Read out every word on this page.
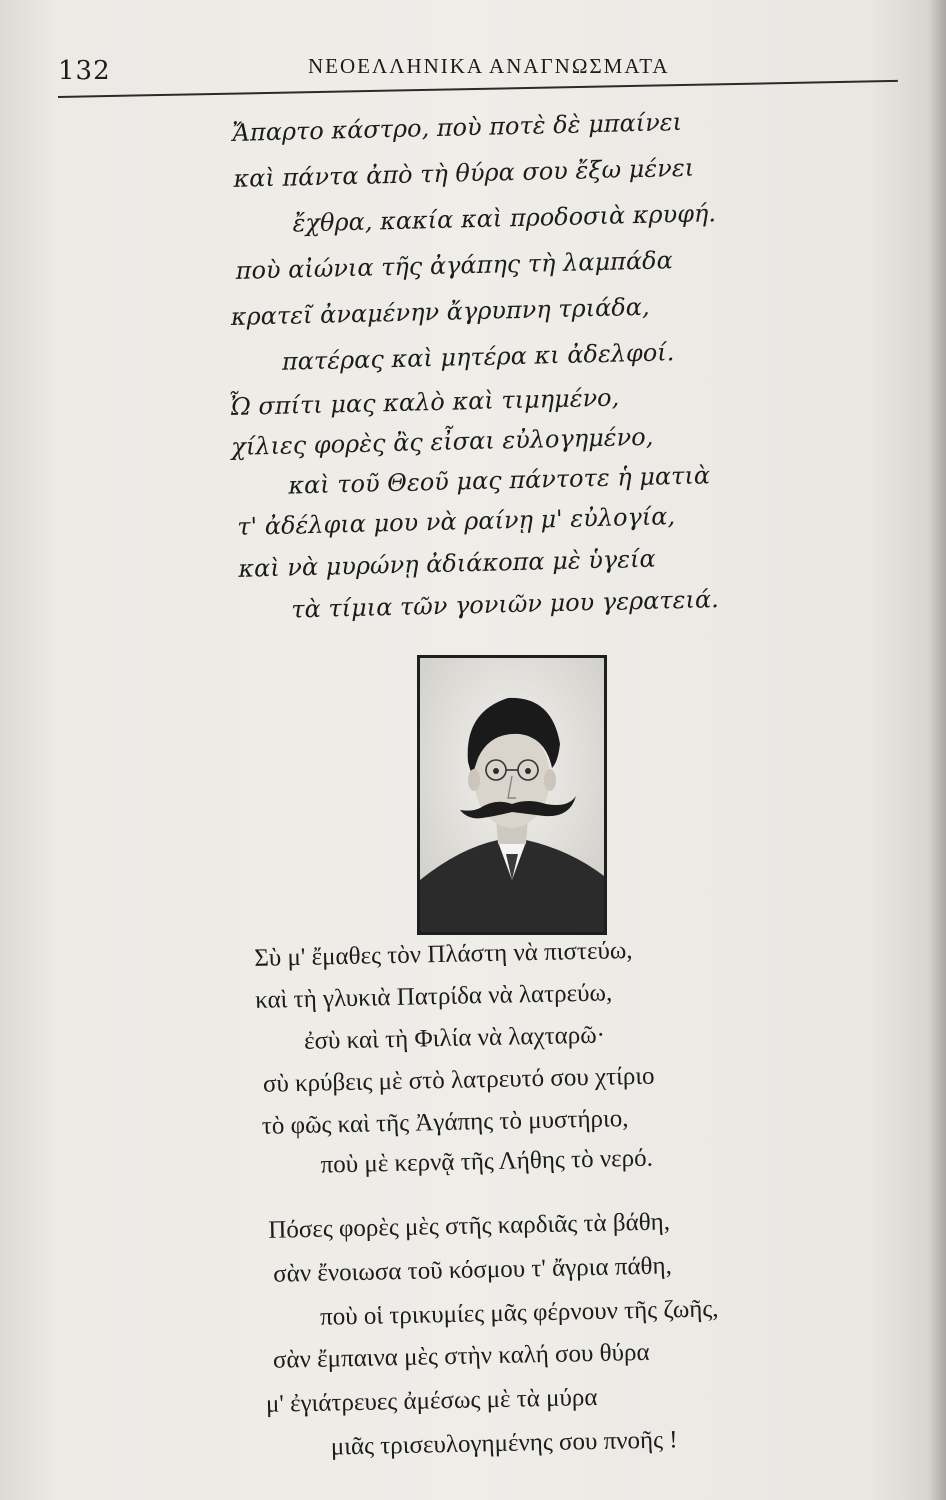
132	ΝΕΟΕΛΛΗΝΙΚΑ ΑΝΑΓΝΩΣΜΑΤΑ
Ἄπαρτο κάστρο, ποὺ ποτὲ δὲ μπαίνει
καὶ πάντα ἀπὸ τὴ θύρα σου ἔξω μένει
ἔχθρα, κακία καὶ προδοσιὰ κρυφή.
ποὺ αἰώνια τῆς ἀγάπης τὴ λαμπάδα
κρατεῖ ἀναμένην ἄγρυπνη τριάδα,
πατέρας καὶ μητέρα κι ἀδελφοί.
Ὦ σπίτι μας καλὸ καὶ τιμημένο,
χίλιες φορὲς ἂς εἶσαι εὐλογημένο,
καὶ τοῦ Θεοῦ μας πάντοτε ἡ ματιὰ
τ' ἀδέλφια μου νὰ ραίνῃ μ' εὐλογία,
καὶ νὰ μυρώνῃ ἀδιάκοπα μὲ ὑγεία
τὰ τίμια τῶν γονιῶν μου γερατειά.
Σὺ μ' ἔμαθες τὸν Πλάστη νὰ πιστεύω,
καὶ τὴ γλυκιὰ Πατρίδα νὰ λατρεύω,
ἐσὺ καὶ τὴ Φιλία νὰ λαχταρῶ·
σὺ κρύβεις μὲ στὸ λατρευτό σου χτίριο
τὸ φῶς καὶ τῆς Ἀγάπης τὸ μυστήριο,
ποὺ μὲ κερνᾷ τῆς Λήθης τὸ νερό.
Πόσες φορὲς μὲς στῆς καρδιᾶς τὰ βάθη,
σὰν ἔνοιωσα τοῦ κόσμου τ' ἄγρια πάθη,
ποὺ οἱ τρικυμίες μᾶς φέρνουν τῆς ζωῆς,
σὰν ἔμπαινα μὲς στὴν καλή σου θύρα
μ' ἐγιάτρευες ἀμέσως μὲ τὰ μύρα
μιᾶς τρισευλογημένης σου πνοῆς !
